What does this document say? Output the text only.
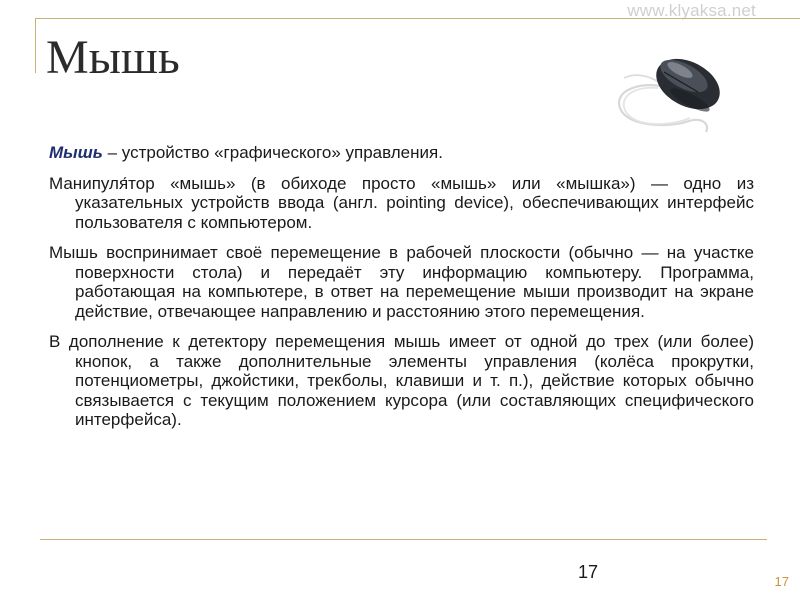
www.klyaksa.net
Мышь

Мышь – устройство «графического» управления.

Манипуля́тор «мышь» (в обиходе просто «мышь» или «мышка») — одно из указательных устройств ввода (англ. pointing device), обеспечивающих интерфейс пользователя с компьютером.

Мышь воспринимает своё перемещение в рабочей плоскости (обычно — на участке поверхности стола) и передаёт эту информацию компьютеру. Программа, работающая на компьютере, в ответ на перемещение мыши производит на экране действие, отвечающее направлению и расстоянию этого перемещения.

В дополнение к детектору перемещения мышь имеет от одной до трех (или более) кнопок, а также дополнительные элементы управления (колёса прокрутки, потенциометры, джойстики, трекболы, клавиши и т. п.), действие которых обычно связывается с текущим положением курсора (или составляющих специфического интерфейса).

17	17
